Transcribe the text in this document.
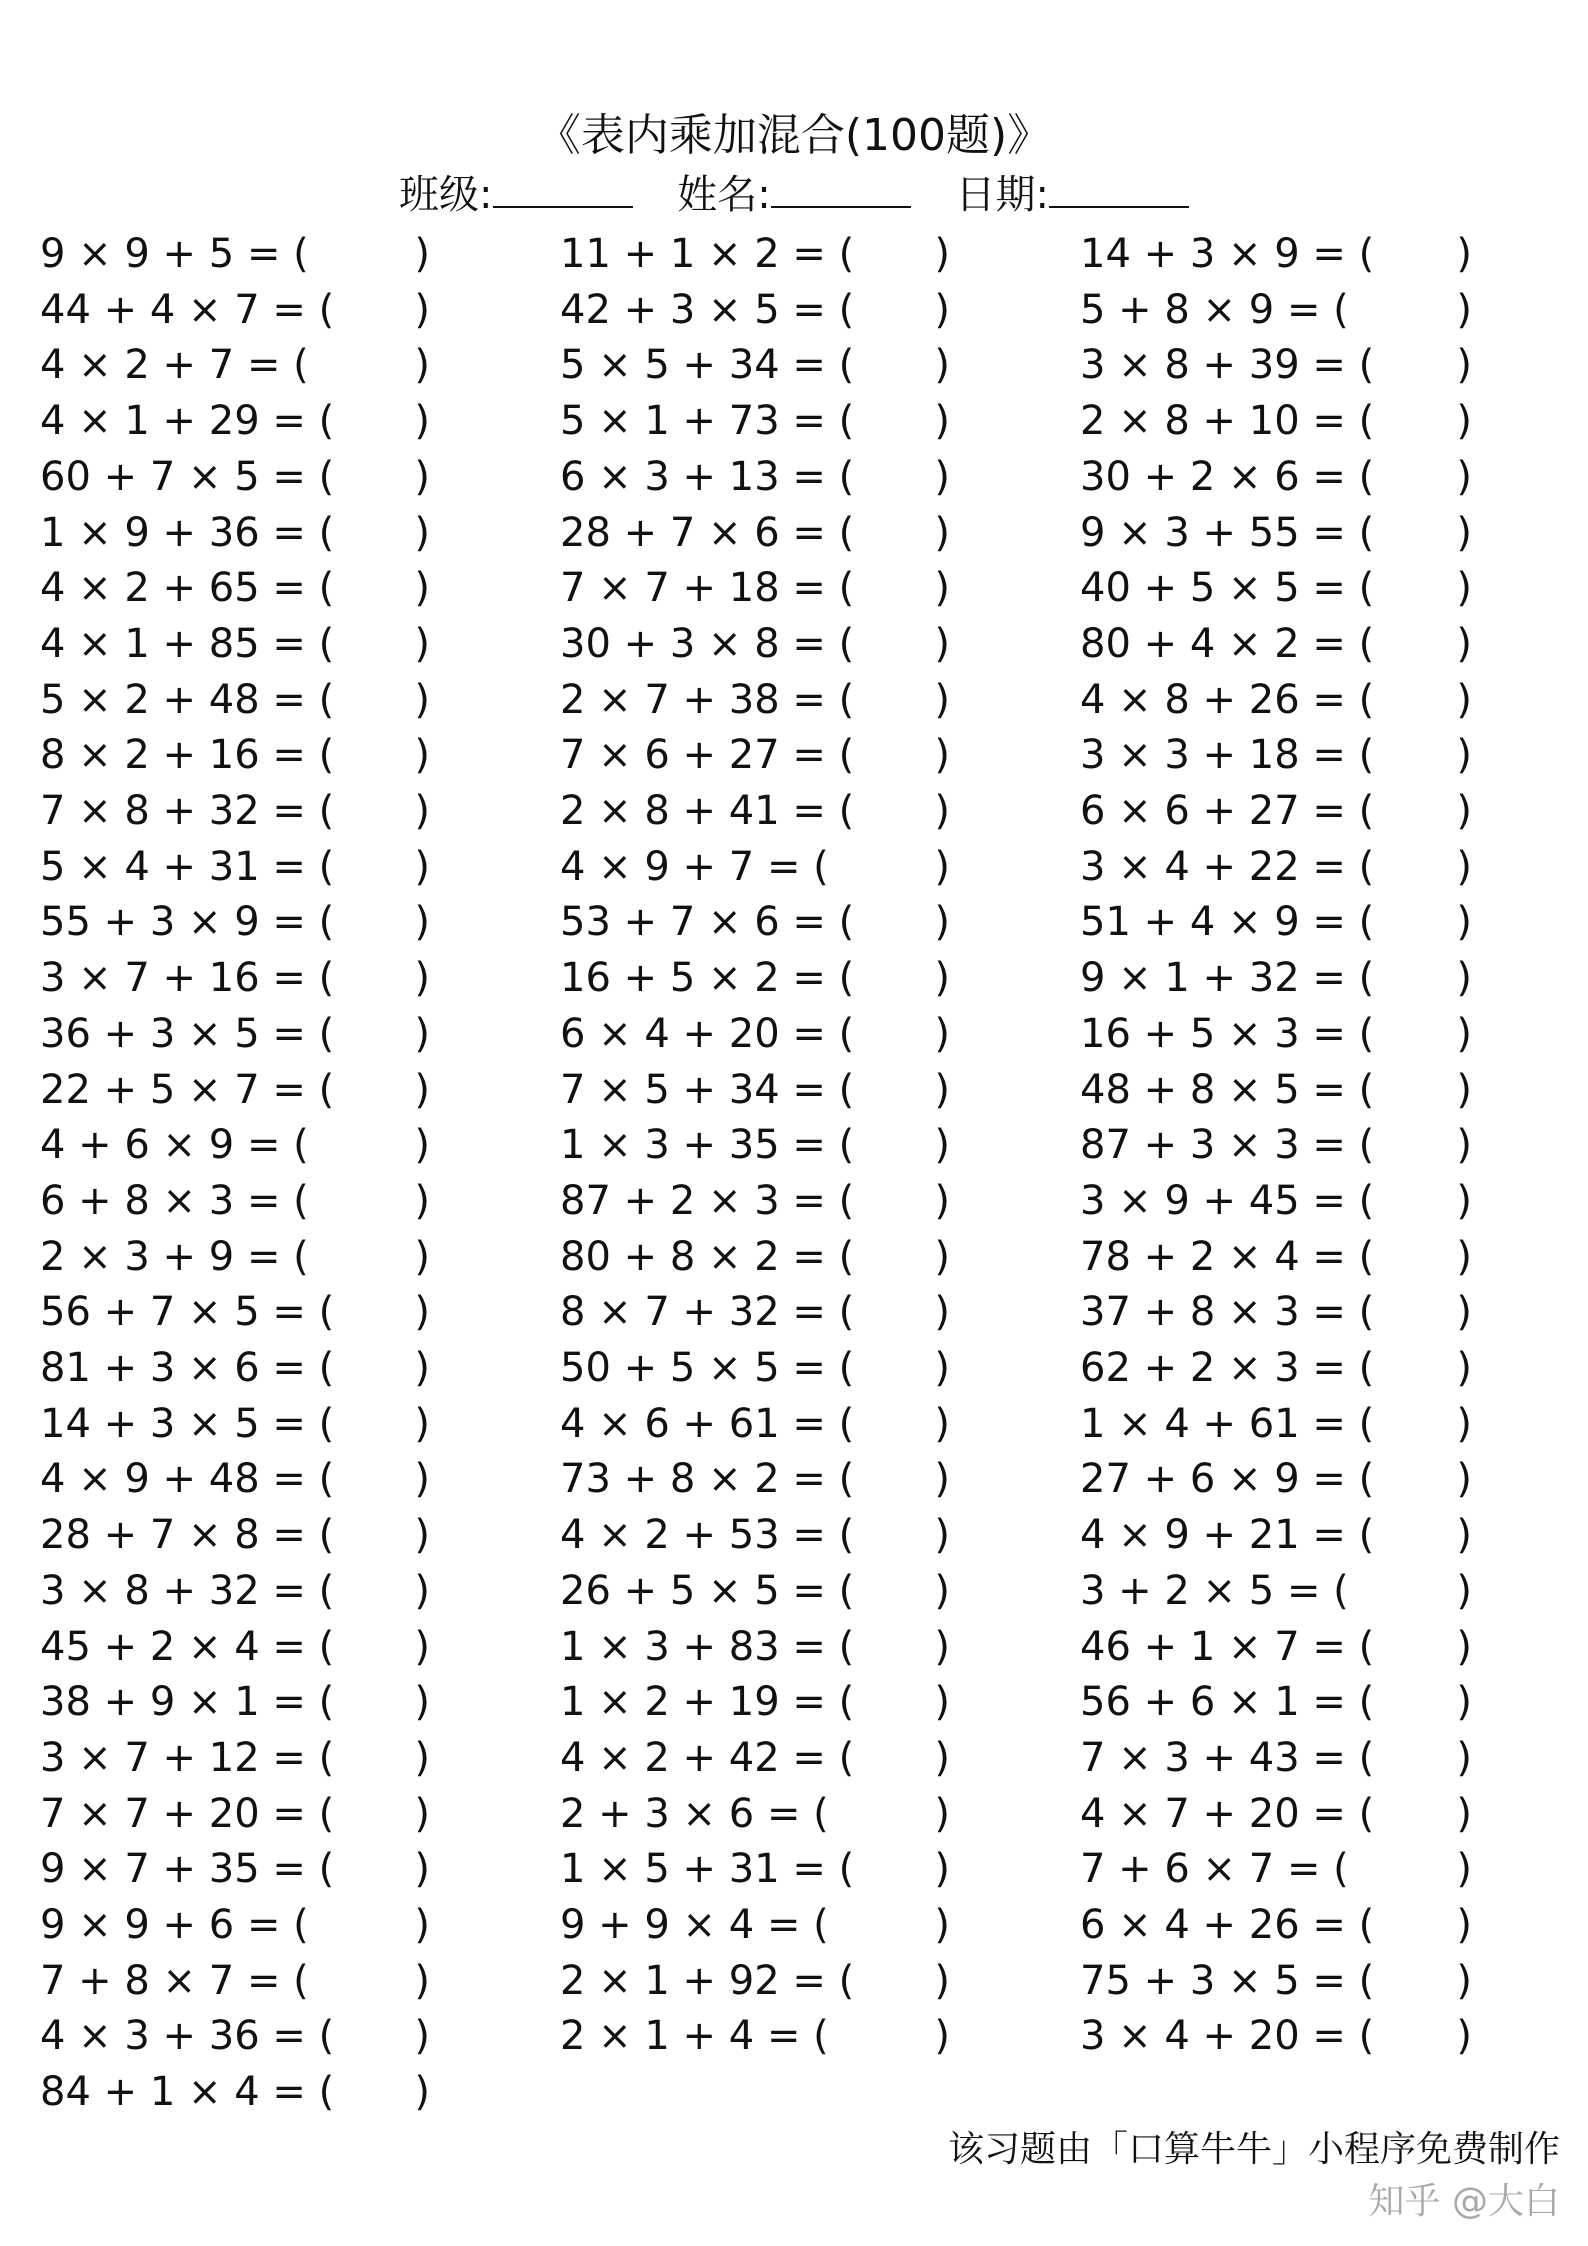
《表内乘加混合(100题)》
班级:	姓名:	日期:
9 × 9 + 5 = (	)	11 + 1 × 2 = ( )	14 + 3 × 9 = ( )
44 + 4 × 7 = ( )	42 + 3 × 5 = ( )	5 + 8 × 9 = (	)
4 × 2 + 7 = (	)	5 × 5 + 34 = ( )	3 × 8 + 39 = ( )
4 × 1 + 29 = ( )	5 × 1 + 73 = ( )	2 × 8 + 10 = ( )
60 + 7 × 5 = ( )	6 × 3 + 13 = ( )	30 + 2 × 6 = ( )
1 × 9 + 36 = ( )	28 + 7 × 6 = ( )	9 × 3 + 55 = ( )
4 × 2 + 65 = ( )	7 × 7 + 18 = ( )	40 + 5 × 5 = ( )
4 × 1 + 85 = ( )	30 + 3 × 8 = ( )	80 + 4 × 2 = ( )
5 × 2 + 48 = ( )	2 × 7 + 38 = ( )	4 × 8 + 26 = ( )
8 × 2 + 16 = ( )	7 × 6 + 27 = ( )	3 × 3 + 18 = ( )
7 × 8 + 32 = ( )	2 × 8 + 41 = ( )	6 × 6 + 27 = ( )
5 × 4 + 31 = ( )	4 × 9 + 7 = (	)	3 × 4 + 22 = ( )
55 + 3 × 9 = ( )	53 + 7 × 6 = ( )	51 + 4 × 9 = ( )
3 × 7 + 16 = ( )	16 + 5 × 2 = ( )	9 × 1 + 32 = ( )
36 + 3 × 5 = ( )	6 × 4 + 20 = ( )	16 + 5 × 3 = ( )
22 + 5 × 7 = ( )	7 × 5 + 34 = ( )	48 + 8 × 5 = ( )
4 + 6 × 9 = (	)	1 × 3 + 35 = ( )	87 + 3 × 3 = ( )
6 + 8 × 3 = (	)	87 + 2 × 3 = ( )	3 × 9 + 45 = ( )
2 × 3 + 9 = (	)	80 + 8 × 2 = ( )	78 + 2 × 4 = ( )
56 + 7 × 5 = ( )	8 × 7 + 32 = ( )	37 + 8 × 3 = ( )
81 + 3 × 6 = ( )	50 + 5 × 5 = ( )	62 + 2 × 3 = ( )
14 + 3 × 5 = ( )	4 × 6 + 61 = ( )	1 × 4 + 61 = ( )
4 × 9 + 48 = ( )	73 + 8 × 2 = ( )	27 + 6 × 9 = ( )
28 + 7 × 8 = ( )	4 × 2 + 53 = ( )	4 × 9 + 21 = ( )
3 × 8 + 32 = ( )	26 + 5 × 5 = ( )	3 + 2 × 5 = (	)
45 + 2 × 4 = ( )	1 × 3 + 83 = ( )	46 + 1 × 7 = ( )
38 + 9 × 1 = ( )	1 × 2 + 19 = ( )	56 + 6 × 1 = ( )
3 × 7 + 12 = ( )	4 × 2 + 42 = ( )	7 × 3 + 43 = ( )
7 × 7 + 20 = ( )	2 + 3 × 6 = (	)	4 × 7 + 20 = ( )
9 × 7 + 35 = ( )	1 × 5 + 31 = ( )	7 + 6 × 7 = (	)
9 × 9 + 6 = (	)	9 + 9 × 4 = (	)	6 × 4 + 26 = ( )
7 + 8 × 7 = (	)	2 × 1 + 92 = ( )	75 + 3 × 5 = ( )
4 × 3 + 36 = ( )	2 × 1 + 4 = (	)	3 × 4 + 20 = ( )
84 + 1 × 4 = ( )
该习题由「口算牛牛」小程序免费制作
知乎 @大白
